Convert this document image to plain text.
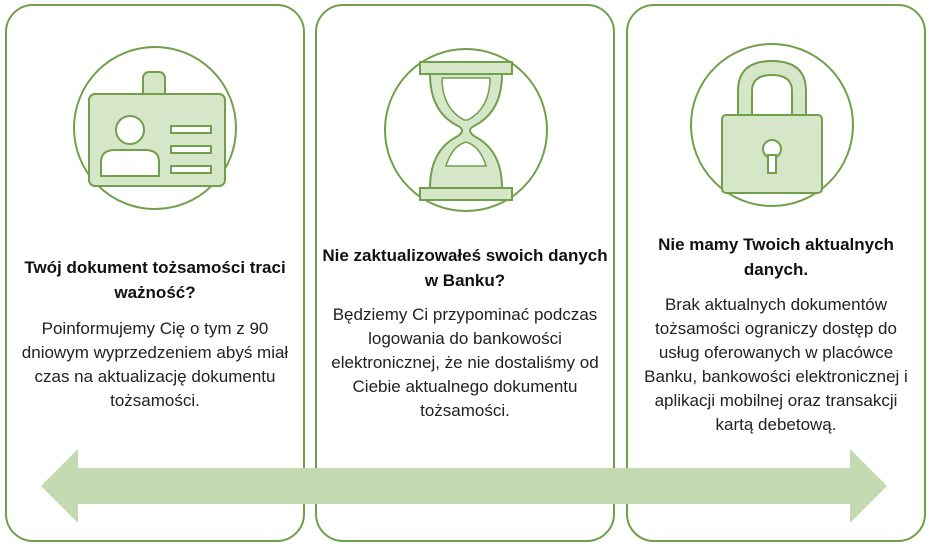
Twój dokument tożsamości traci ważność?
Poinformujemy Cię o tym z 90 dniowym wyprzedzeniem abyś miał czas na aktualizację dokumentu tożsamości.
Nie zaktualizowałeś swoich danych w Banku?
Będziemy Ci przypominać podczas logowania do bankowości elektronicznej, że nie dostaliśmy od Ciebie aktualnego dokumentu tożsamości.
Nie mamy Twoich aktualnych danych.
Brak aktualnych dokumentów tożsamości ograniczy dostęp do usług oferowanych w placówce Banku, bankowości elektronicznej i aplikacji mobilnej oraz transakcji kartą debetową.
